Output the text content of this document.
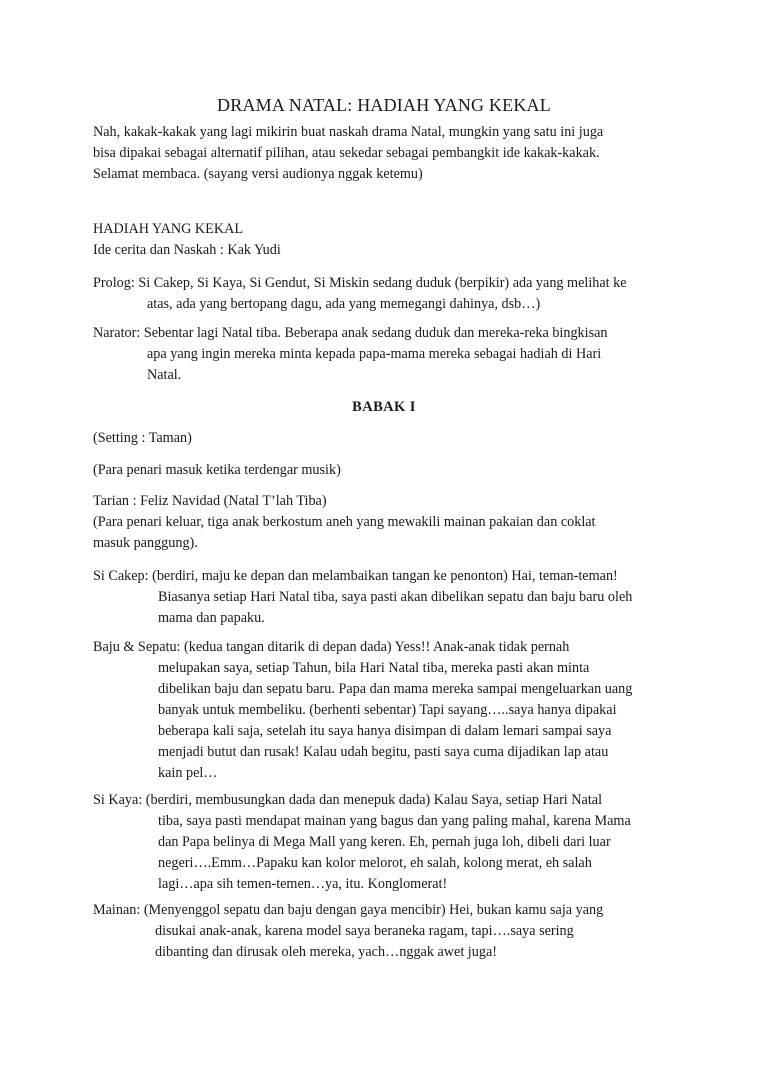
DRAMA NATAL: HADIAH YANG KEKAL
Nah, kakak-kakak yang lagi mikirin buat naskah drama Natal, mungkin yang satu ini juga
bisa dipakai sebagai alternatif pilihan, atau sekedar sebagai pembangkit ide kakak-kakak.
Selamat membaca. (sayang versi audionya nggak ketemu)
HADIAH YANG KEKAL
Ide cerita dan Naskah : Kak Yudi
Prolog: Si Cakep, Si Kaya, Si Gendut, Si Miskin sedang duduk (berpikir) ada yang melihat ke
atas, ada yang bertopang dagu, ada yang memegangi dahinya, dsb…)
Narator: Sebentar lagi Natal tiba. Beberapa anak sedang duduk dan mereka-reka bingkisan
apa yang ingin mereka minta kepada papa-mama mereka sebagai hadiah di Hari
Natal.
BABAK I
(Setting : Taman)
(Para penari masuk ketika terdengar musik)
Tarian : Feliz Navidad (Natal T’lah Tiba)
(Para penari keluar, tiga anak berkostum aneh yang mewakili mainan pakaian dan coklat
masuk panggung).
Si Cakep: (berdiri, maju ke depan dan melambaikan tangan ke penonton) Hai, teman-teman!
Biasanya setiap Hari Natal tiba, saya pasti akan dibelikan sepatu dan baju baru oleh
mama dan papaku.
Baju & Sepatu: (kedua tangan ditarik di depan dada) Yess!! Anak-anak tidak pernah
melupakan saya, setiap Tahun, bila Hari Natal tiba, mereka pasti akan minta
dibelikan baju dan sepatu baru. Papa dan mama mereka sampai mengeluarkan uang
banyak untuk membeliku. (berhenti sebentar) Tapi sayang…..saya hanya dipakai
beberapa kali saja, setelah itu saya hanya disimpan di dalam lemari sampai saya
menjadi butut dan rusak! Kalau udah begitu, pasti saya cuma dijadikan lap atau
kain pel…
Si Kaya: (berdiri, membusungkan dada dan menepuk dada) Kalau Saya, setiap Hari Natal
tiba, saya pasti mendapat mainan yang bagus dan yang paling mahal, karena Mama
dan Papa belinya di Mega Mall yang keren. Eh, pernah juga loh, dibeli dari luar
negeri….Emm…Papaku kan kolor melorot, eh salah, kolong merat, eh salah
lagi…apa sih temen-temen…ya, itu. Konglomerat!
Mainan: (Menyenggol sepatu dan baju dengan gaya mencibir) Hei, bukan kamu saja yang
disukai anak-anak, karena model saya beraneka ragam, tapi….saya sering
dibanting dan dirusak oleh mereka, yach…nggak awet juga!
